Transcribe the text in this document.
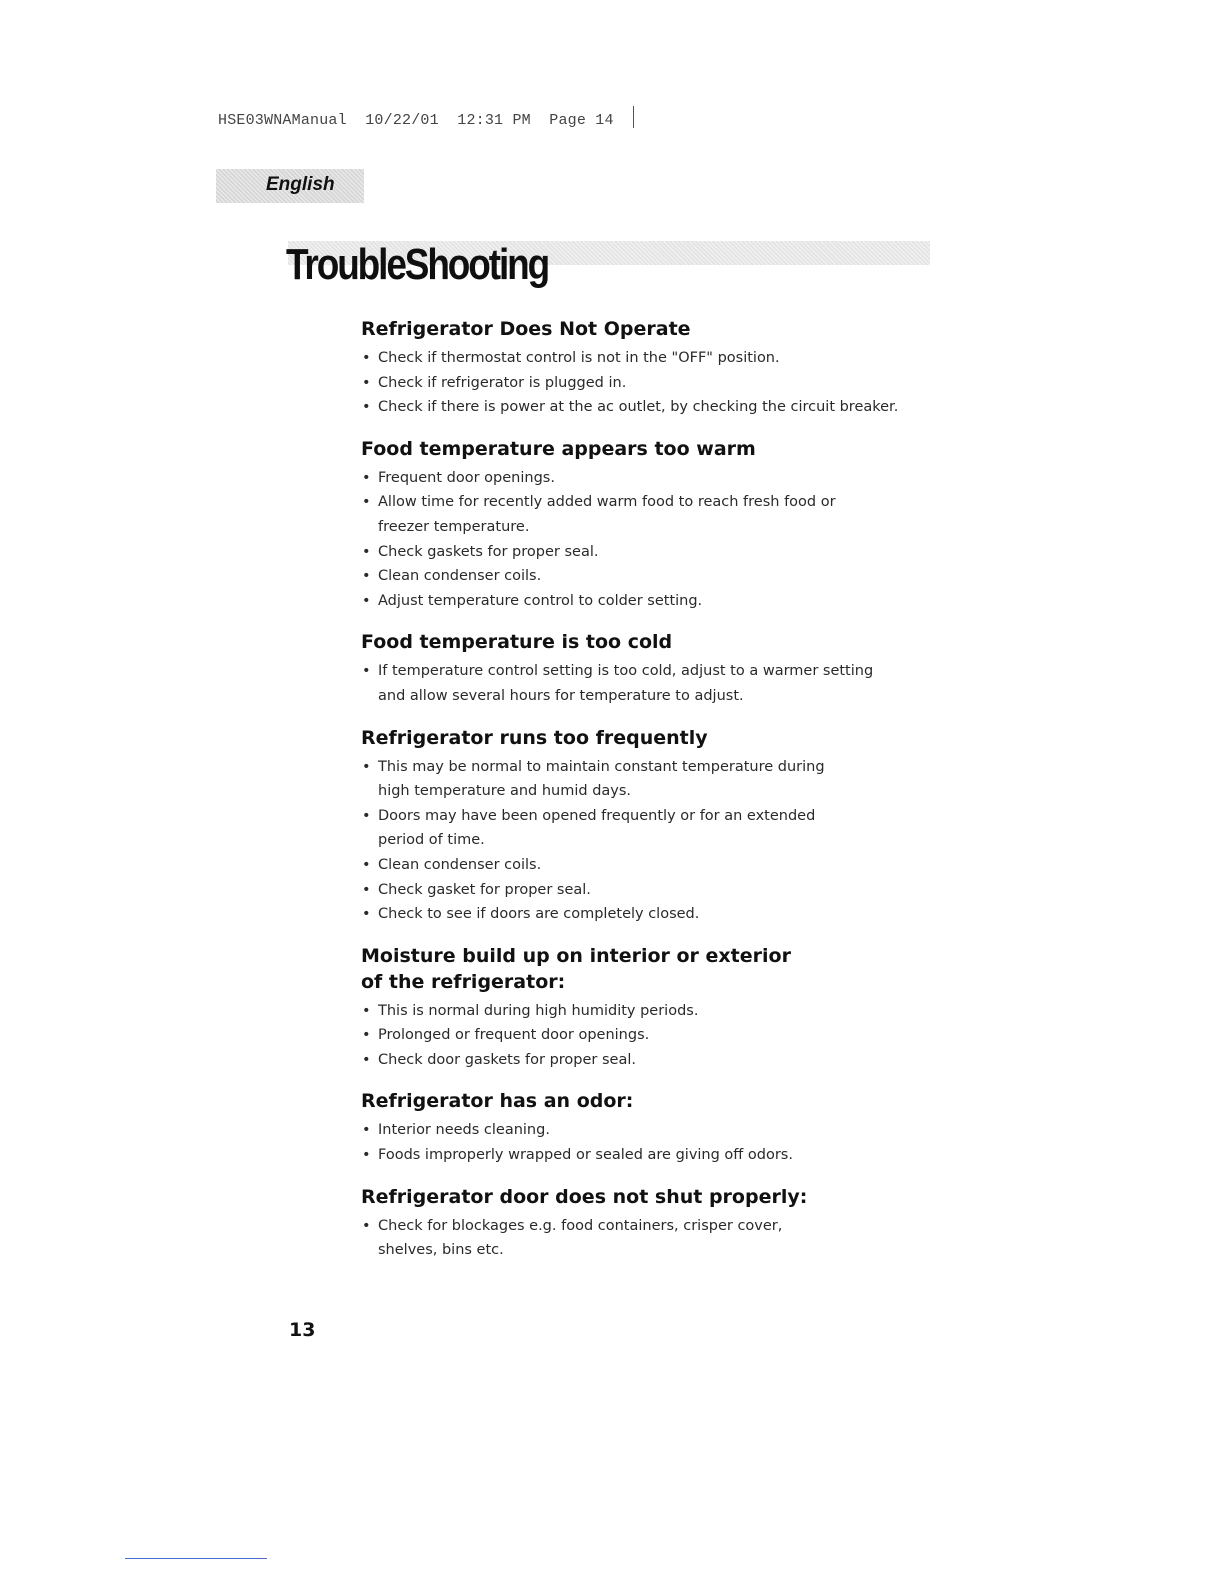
HSE03WNAManual  10/22/01  12:31 PM  Page 14
English
TroubleShooting
Refrigerator Does Not Operate
• Check if thermostat control is not in the "OFF" position.
• Check if refrigerator is plugged in.
• Check if there is power at the ac outlet, by checking the circuit breaker.
Food temperature appears too warm
• Frequent door openings.
• Allow time for recently added warm food to reach fresh food or freezer temperature.
• Check gaskets for proper seal.
• Clean condenser coils.
• Adjust temperature control to colder setting.
Food temperature is too cold
• If temperature control setting is too cold, adjust to a warmer setting and allow several hours for temperature to adjust.
Refrigerator runs too frequently
• This may be normal to maintain constant temperature during high temperature and humid days.
• Doors may have been opened frequently or for an extended period of time.
• Clean condenser coils.
• Check gasket for proper seal.
• Check to see if doors are completely closed.
Moisture build up on interior or exterior of the refrigerator:
• This is normal during high humidity periods.
• Prolonged or frequent door openings.
• Check door gaskets for proper seal.
Refrigerator has an odor:
• Interior needs cleaning.
• Foods improperly wrapped or sealed are giving off odors.
Refrigerator door does not shut properly:
• Check for blockages e.g. food containers, crisper cover, shelves, bins etc.
13
